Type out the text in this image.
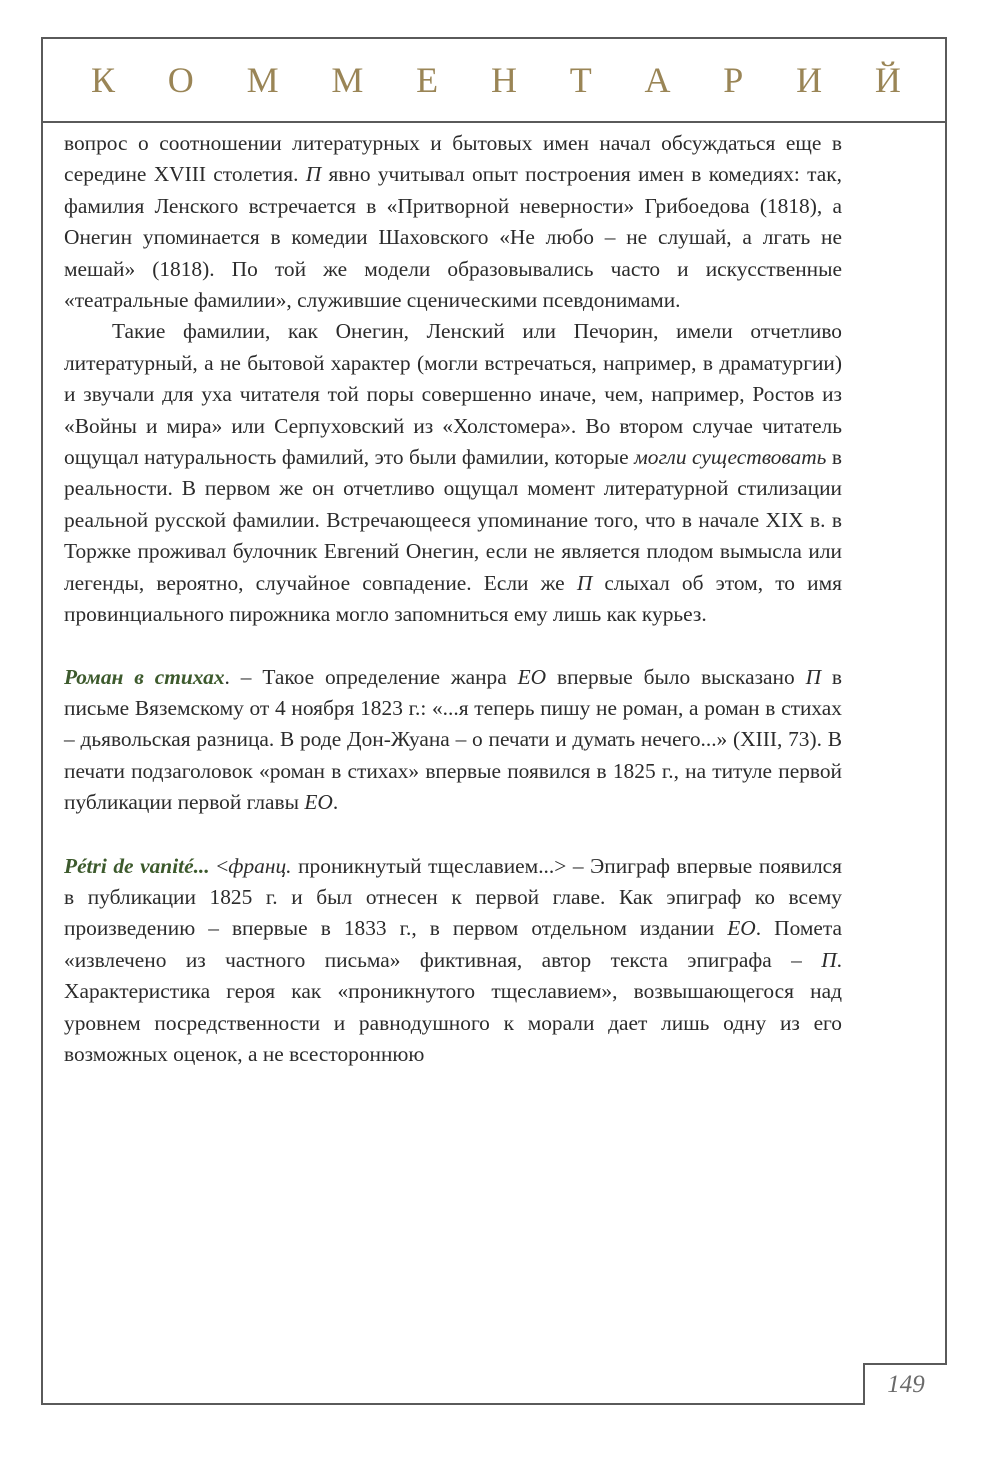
К О М М Е Н Т А Р И Й
149

вопрос о соотношении литературных и бытовых имен начал обсуждаться еще в середине XVIII столетия. П явно учитывал опыт построения имен в комедиях: так, фамилия Ленского встречается в «Притворной неверности» Грибоедова (1818), а Онегин упоминается в комедии Шаховского «Не любо – не слушай, а лгать не мешай» (1818). По той же модели образовывались часто и искусственные «театральные фамилии», служившие сценическими псевдонимами.

Такие фамилии, как Онегин, Ленский или Печорин, имели отчетливо литературный, а не бытовой характер (могли встречаться, например, в драматургии) и звучали для уха читателя той поры совершенно иначе, чем, например, Ростов из «Войны и мира» или Серпуховский из «Холстомера». Во втором случае читатель ощущал натуральность фамилий, это были фамилии, которые могли существовать в реальности. В первом же он отчетливо ощущал момент литературной стилизации реальной русской фамилии. Встречающееся упоминание того, что в начале XIX в. в Торжке проживал булочник Евгений Онегин, если не является плодом вымысла или легенды, вероятно, случайное совпадение. Если же П слыхал об этом, то имя провинциального пирожника могло запомниться ему лишь как курьез.

Роман в стихах. – Такое определение жанра ЕО впервые было высказано П в письме Вяземскому от 4 ноября 1823 г.: «...я теперь пишу не роман, а роман в стихах – дьявольская разница. В роде Дон-Жуана – о печати и думать нечего...» (XIII, 73). В печати подзаголовок «роман в стихах» впервые появился в 1825 г., на титуле первой публикации первой главы ЕО.

Pétri de vanité... <франц. проникнутый тщеславием...> – Эпиграф впервые появился в публикации 1825 г. и был отнесен к первой главе. Как эпиграф ко всему произведению – впервые в 1833 г., в первом отдельном издании ЕО. Помета «извлечено из частного письма» фиктивная, автор текста эпиграфа – П. Характеристика героя как «проникнутого тщеславием», возвышающегося над уровнем посредственности и равнодушного к морали дает лишь одну из его возможных оценок, а не всестороннюю
